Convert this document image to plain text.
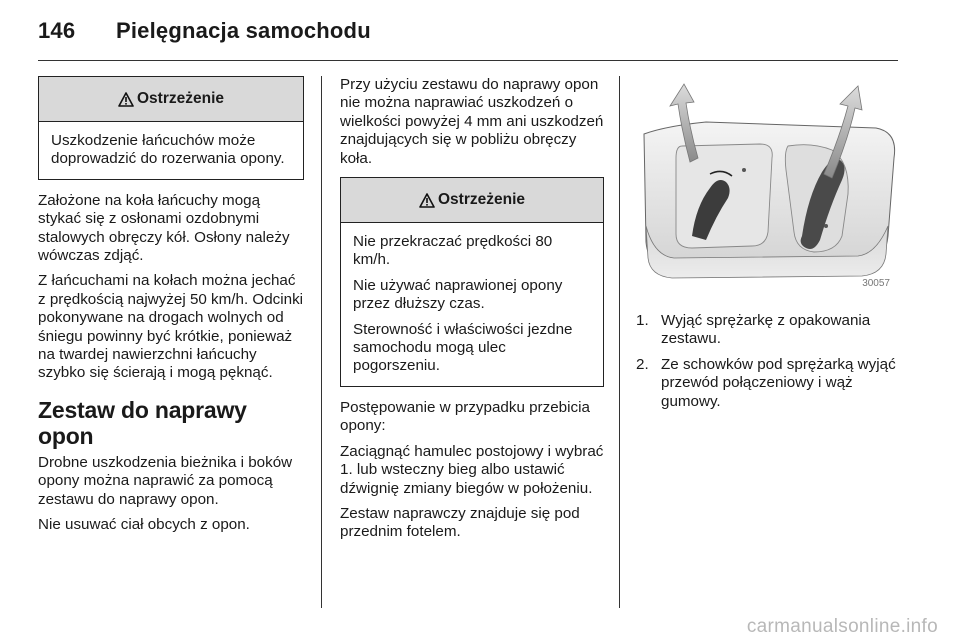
146 Pielęgnacja samochodu
Ostrzeżenie

Uszkodzenie łańcuchów może doprowadzić do rozerwania opony.

Założone na koła łańcuchy mogą stykać się z osłonami ozdobnymi stalowych obręczy kół. Osłony należy wówczas zdjąć.

Z łańcuchami na kołach można jechać z prędkością najwyżej 50 km/h. Odcinki pokonywane na drogach wolnych od śniegu powinny być krótkie, ponieważ na twardej nawierzchni łańcuchy szybko się ścierają i mogą pęknąć.

Zestaw do naprawy opon

Drobne uszkodzenia bieżnika i boków opony można naprawić za pomocą zestawu do naprawy opon.

Nie usuwać ciał obcych z opon.

Przy użyciu zestawu do naprawy opon nie można naprawiać uszkodzeń o wielkości powyżej 4 mm ani uszkodzeń znajdujących się w pobliżu obręczy koła.

Ostrzeżenie

Nie przekraczać prędkości 80 km/h.

Nie używać naprawionej opony przez dłuższy czas.

Sterowność i właściwości jezdne samochodu mogą ulec pogorszeniu.

Postępowanie w przypadku przebicia opony:

Zaciągnąć hamulec postojowy i wybrać 1. lub wsteczny bieg albo ustawić dźwignię zmiany biegów w położeniu.

Zestaw naprawczy znajduje się pod przednim fotelem.

30057
1. Wyjąć sprężarkę z opakowania zestawu.
2. Ze schowków pod sprężarką wyjąć przewód połączeniowy i wąż gumowy.
carmanualsonline.info
